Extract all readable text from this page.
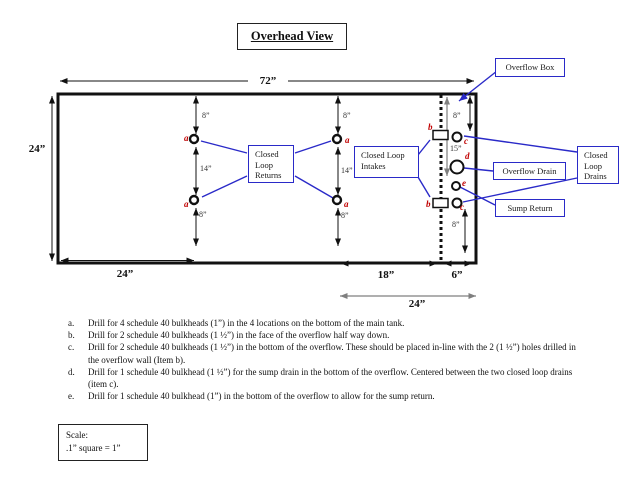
Overhead View
72”
24”
24”	18”	6”
24”
8”
14”
8”
8”
14”
8”
8”
15”
8”
a
a
a
a
b
b
c
d
e
c
Overflow Box
Closed
Loop
Returns
Closed Loop
Intakes
Overflow Drain
Closed
Loop
Drains
Sump Return
a.	Drill for 4 schedule 40 bulkheads (1”) in the 4 locations on the bottom of the main tank.
b.	Drill for 2 schedule 40 bulkheads (1 ½”) in the face of the overflow half way down.
c.	Drill for 2 schedule 40 bulkheads (1 ½”) in the bottom of the overflow. These should be placed in-line with the 2 (1 ½”) holes drilled in the overflow wall (Item b).
d.	Drill for 1 schedule 40 bulkhead (1 ½”) for the sump drain in the bottom of the overflow. Centered between the two closed loop drains (item c).
e.	Drill for 1 schedule 40 bulkhead (1”) in the bottom of the overflow to allow for the sump return.
Scale:
.1” square = 1”
